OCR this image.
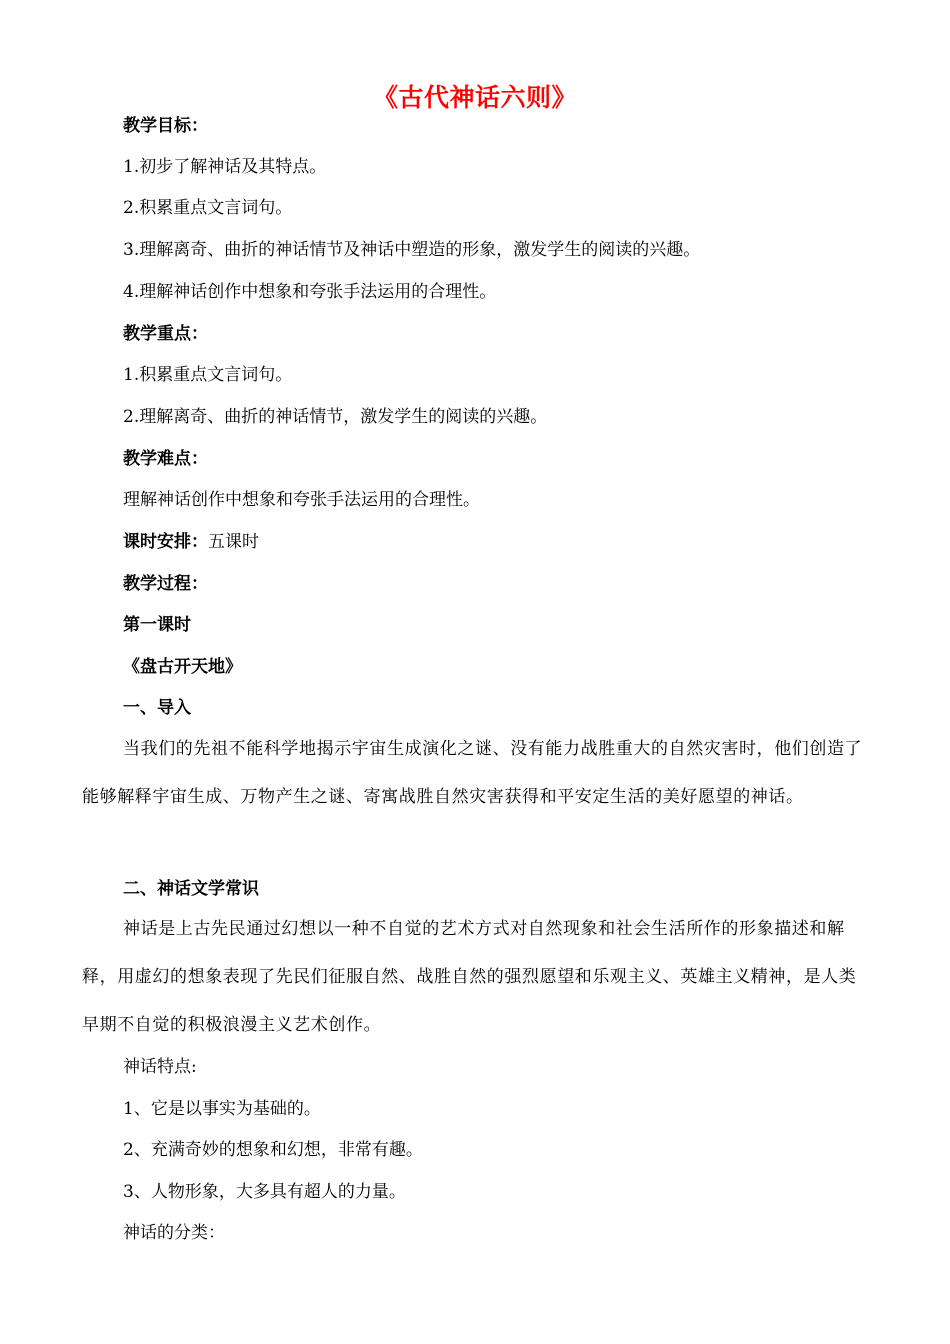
《古代神话六则》
教学目标：
1.初步了解神话及其特点。
2.积累重点文言词句。
3.理解离奇、曲折的神话情节及神话中塑造的形象，激发学生的阅读的兴趣。
4.理解神话创作中想象和夸张手法运用的合理性。
教学重点：
1.积累重点文言词句。
2.理解离奇、曲折的神话情节，激发学生的阅读的兴趣。
教学难点：
理解神话创作中想象和夸张手法运用的合理性。
课时安排：五课时
教学过程：
第一课时
《盘古开天地》
一、导入
当我们的先祖不能科学地揭示宇宙生成演化之谜、没有能力战胜重大的自然灾害时，他们创造了能够解释宇宙生成、万物产生之谜、寄寓战胜自然灾害获得和平安定生活的美好愿望的神话。
二、神话文学常识
神话是上古先民通过幻想以一种不自觉的艺术方式对自然现象和社会生活所作的形象描述和解释，用虚幻的想象表现了先民们征服自然、战胜自然的强烈愿望和乐观主义、英雄主义精神，是人类早期不自觉的积极浪漫主义艺术创作。
神话特点:
1、它是以事实为基础的。
2、充满奇妙的想象和幻想，非常有趣。
3、人物形象，大多具有超人的力量。
神话的分类：
